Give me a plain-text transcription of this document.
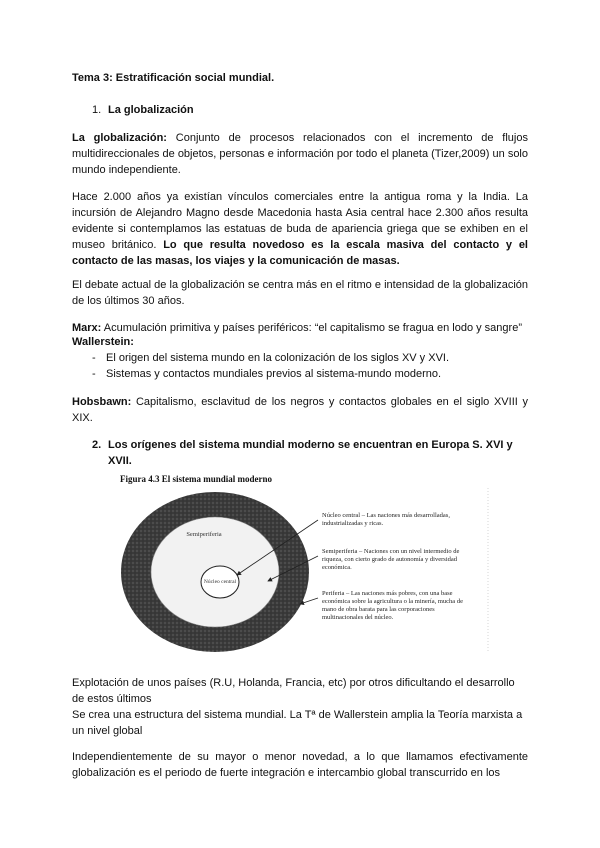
Tema 3: Estratificación social mundial.

1. La globalización

La globalización: Conjunto de procesos relacionados con el incremento de flujos multidireccionales de objetos, personas e información por todo el planeta (Tizer,2009) un solo mundo independiente.

Hace 2.000 años ya existían vínculos comerciales entre la antigua roma y la India. La incursión de Alejandro Magno desde Macedonia hasta Asia central hace 2.300 años resulta evidente si contemplamos las estatuas de buda de apariencia griega que se exhiben en el museo británico. Lo que resulta novedoso es la escala masiva del contacto y el contacto de las masas, los viajes y la comunicación de masas.

El debate actual de la globalización se centra más en el ritmo e intensidad de la globalización de los últimos 30 años.

Marx: Acumulación primitiva y países periféricos: “el capitalismo se fragua en lodo y sangre”

Wallerstein:

- El origen del sistema mundo en la colonización de los siglos XV y XVI.
- Sistemas y contactos mundiales previos al sistema-mundo moderno.

Hobsbawn: Capitalismo, esclavitud de los negros y contactos globales en el siglo XVIII y XIX.

2. Los orígenes del sistema mundial moderno se encuentran en Europa S. XVI y XVII.
Figura 4.3 El sistema mundial moderno
Semiperiferia
Núcleo central
Núcleo central – Las naciones más desarrolladas, industrializadas y ricas.
Semiperiferia – Naciones con un nivel intermedio de riqueza, con cierto grado de autonomía y diversidad económica.
Periferia – Las naciones más pobres, con una base económica sobre la agricultura o la minería, mucha de mano de obra barata para las corporaciones multinacionales del núcleo.

Explotación de unos países (R.U, Holanda, Francia, etc) por otros dificultando el desarrollo de estos últimos

Se crea una estructura del sistema mundial. La Tª de Wallerstein amplia la Teoría marxista a un nivel global

Independientemente de su mayor o menor novedad, a lo que llamamos efectivamente globalización es el periodo de fuerte integración e intercambio global transcurrido en los
